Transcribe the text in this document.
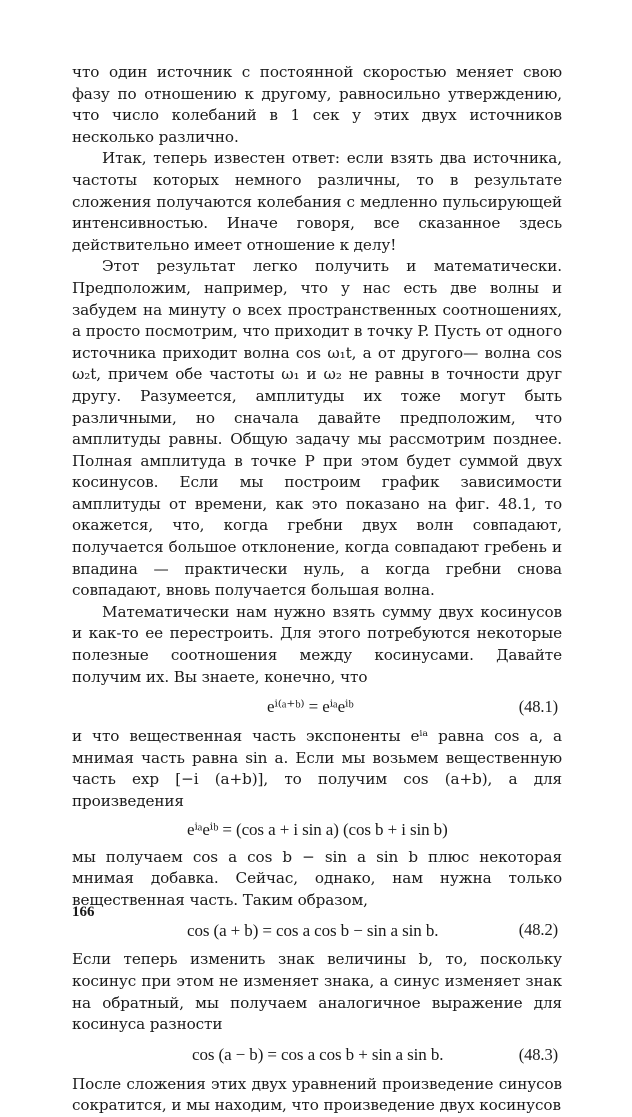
что один источник с постоянной скоростью меняет свою фазу по отношению к другому, равносильно утверждению, что число колебаний в 1 сек у этих двух источников несколько различно.

Итак, теперь известен ответ: если взять два источника, частоты которых немного различны, то в результате сложения получаются колебания с медленно пульсирующей интенсивностью. Иначе говоря, все сказанное здесь действительно имеет отношение к делу!

Этот результат легко получить и математически. Предположим, например, что у нас есть две волны и забудем на минуту о всех пространственных соотношениях, а просто посмотрим, что приходит в точку P. Пусть от одного источника приходит волна cos ω₁t, а от другого— волна cos ω₂t, причем обе частоты ω₁ и ω₂ не равны в точности друг другу. Разумеется, амплитуды их тоже могут быть различными, но сначала давайте предположим, что амплитуды равны. Общую задачу мы рассмотрим позднее. Полная амплитуда в точке P при этом будет суммой двух косинусов. Если мы построим график зависимости амплитуды от времени, как это показано на фиг. 48.1, то окажется, что, когда гребни двух волн совпадают, получается большое отклонение, когда совпадают гребень и впадина — практически нуль, а когда гребни снова совпадают, вновь получается большая волна.

Математически нам нужно взять сумму двух косинусов и как-то ее перестроить. Для этого потребуются некоторые полезные соотношения между косинусами. Давайте получим их. Вы знаете, конечно, что

eⁱ⁽ᵃ⁺ᵇ⁾ = eⁱᵃeⁱᵇ	(48.1)

и что вещественная часть экспоненты eⁱᵃ равна cos a, а мнимая часть равна sin a. Если мы возьмем вещественную часть exp [−i (a+b)], то получим cos (a+b), а для произведения

eⁱᵃeⁱᵇ = (cos a + i sin a) (cos b + i sin b)

мы получаем cos a cos b − sin a sin b плюс некоторая мнимая добавка. Сейчас, однако, нам нужна только вещественная часть. Таким образом,

cos (a + b) = cos a cos b − sin a sin b.	(48.2)

Если теперь изменить знак величины b, то, поскольку косинус при этом не изменяет знака, а синус изменяет знак на обратный, мы получаем аналогичное выражение для косинуса разности

cos (a − b) = cos a cos b + sin a sin b.	(48.3)

После сложения этих двух уравнений произведение синусов сократится, и мы находим, что произведение двух косинусов

166
